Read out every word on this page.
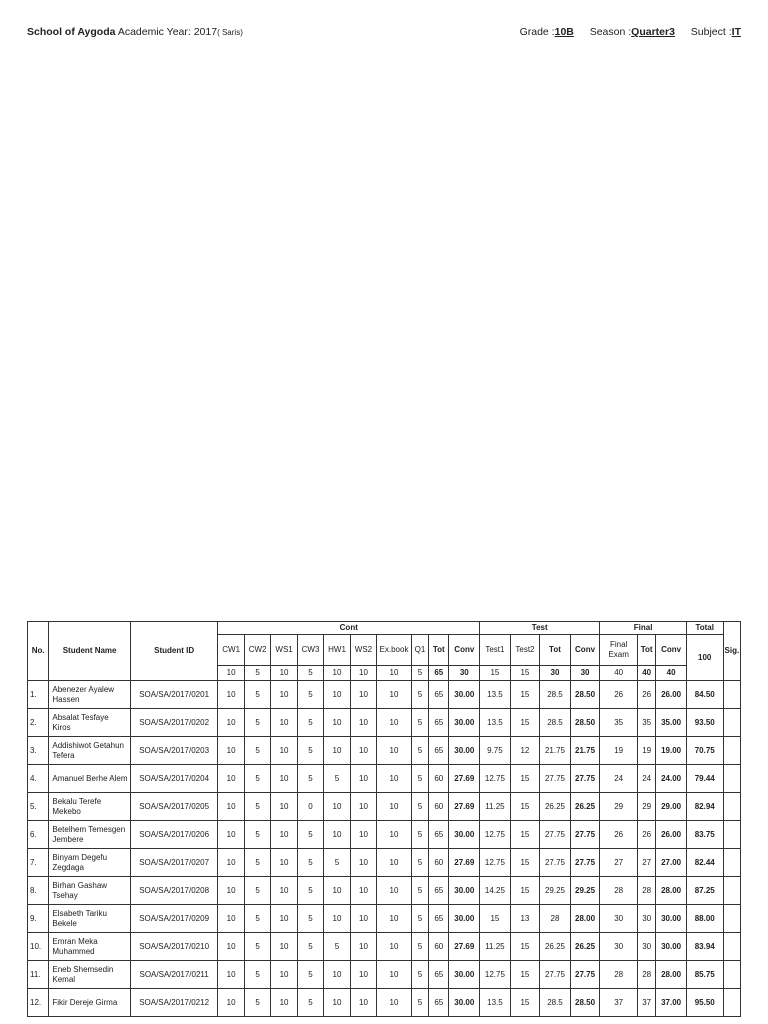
School of Aygoda Academic Year: 2017( Saris)	Grade :10B Season :Quarter3 Subject :IT
No.	Student Name	Student ID	Cont										Test				Final			Total	Sig.
			CW1	CW2	WS1	CW3	HW1	WS2	Ex.book	Q1	Tot	Conv	Test1	Test2	Tot	Conv	Final Exam	Tot	Conv	100	
			10	5	10	5	10	10	10	5	65	30	15	15	30	30	40	40	40		
1.	Abenezer Ayalew Hassen	SOA/SA/2017/0201	10	5	10	5	10	10	10	5	65	30.00	13.5	15	28.5	28.50	26	26	26.00	84.50	
2.	Absalat Tesfaye Kiros	SOA/SA/2017/0202	10	5	10	5	10	10	10	5	65	30.00	13.5	15	28.5	28.50	35	35	35.00	93.50	
3.	Addishiwot Getahun Tefera	SOA/SA/2017/0203	10	5	10	5	10	10	10	5	65	30.00	9.75	12	21.75	21.75	19	19	19.00	70.75	
4.	Amanuel Berhe Alem	SOA/SA/2017/0204	10	5	10	5	5	10	10	5	60	27.69	12.75	15	27.75	27.75	24	24	24.00	79.44	
5.	Bekalu Terefe Mekebo	SOA/SA/2017/0205	10	5	10	0	10	10	10	5	60	27.69	11.25	15	26.25	26.25	29	29	29.00	82.94	
6.	Betelhem Temesgen Jembere	SOA/SA/2017/0206	10	5	10	5	10	10	10	5	65	30.00	12.75	15	27.75	27.75	26	26	26.00	83.75	
7.	Binyam Degefu Zegdaga	SOA/SA/2017/0207	10	5	10	5	5	10	10	5	60	27.69	12.75	15	27.75	27.75	27	27	27.00	82.44	
8.	Birhan Gashaw Tsehay	SOA/SA/2017/0208	10	5	10	5	10	10	10	5	65	30.00	14.25	15	29.25	29.25	28	28	28.00	87.25	
9.	Elsabeth Tariku Bekele	SOA/SA/2017/0209	10	5	10	5	10	10	10	5	65	30.00	15	13	28	28.00	30	30	30.00	88.00	
10.	Emran Meka Muhammed	SOA/SA/2017/0210	10	5	10	5	5	10	10	5	60	27.69	11.25	15	26.25	26.25	30	30	30.00	83.94	
11.	Eneb Shemsedin Kemal	SOA/SA/2017/0211	10	5	10	5	10	10	10	5	65	30.00	12.75	15	27.75	27.75	28	28	28.00	85.75	
12.	Fikir Dereje Girma	SOA/SA/2017/0212	10	5	10	5	10	10	10	5	65	30.00	13.5	15	28.5	28.50	37	37	37.00	95.50	
